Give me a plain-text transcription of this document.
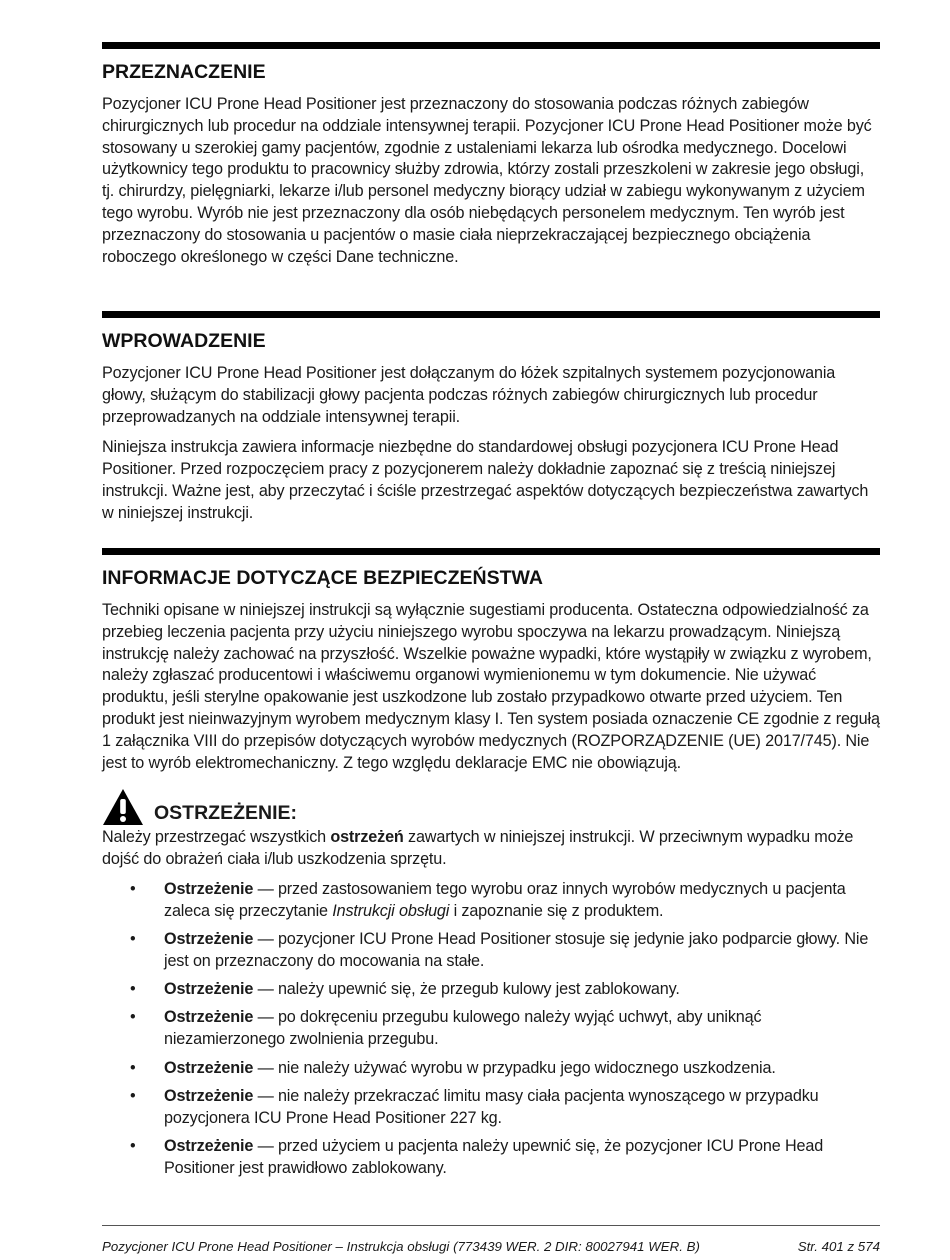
PRZEZNACZENIE

Pozycjoner ICU Prone Head Positioner jest przeznaczony do stosowania podczas różnych zabiegów chirurgicznych lub procedur na oddziale intensywnej terapii. Pozycjoner ICU Prone Head Positioner może być stosowany u szerokiej gamy pacjentów, zgodnie z ustaleniami lekarza lub ośrodka medycznego. Docelowi użytkownicy tego produktu to pracownicy służby zdrowia, którzy zostali przeszkoleni w zakresie jego obsługi, tj. chirurdzy, pielęgniarki, lekarze i/lub personel medyczny biorący udział w zabiegu wykonywanym z użyciem tego wyrobu. Wyrób nie jest przeznaczony dla osób niebędących personelem medycznym. Ten wyrób jest przeznaczony do stosowania u pacjentów o masie ciała nieprzekraczającej bezpiecznego obciążenia roboczego określonego w części Dane techniczne.

WPROWADZENIE

Pozycjoner ICU Prone Head Positioner jest dołączanym do łóżek szpitalnych systemem pozycjonowania głowy, służącym do stabilizacji głowy pacjenta podczas różnych zabiegów chirurgicznych lub procedur przeprowadzanych na oddziale intensywnej terapii.

Niniejsza instrukcja zawiera informacje niezbędne do standardowej obsługi pozycjonera ICU Prone Head Positioner. Przed rozpoczęciem pracy z pozycjonerem należy dokładnie zapoznać się z treścią niniejszej instrukcji. Ważne jest, aby przeczytać i ściśle przestrzegać aspektów dotyczących bezpieczeństwa zawartych w niniejszej instrukcji.

INFORMACJE DOTYCZĄCE BEZPIECZEŃSTWA

Techniki opisane w niniejszej instrukcji są wyłącznie sugestiami producenta. Ostateczna odpowiedzialność za przebieg leczenia pacjenta przy użyciu niniejszego wyrobu spoczywa na lekarzu prowadzącym. Niniejszą instrukcję należy zachować na przyszłość. Wszelkie poważne wypadki, które wystąpiły w związku z wyrobem, należy zgłaszać producentowi i właściwemu organowi wymienionemu w tym dokumencie. Nie używać produktu, jeśli sterylne opakowanie jest uszkodzone lub zostało przypadkowo otwarte przed użyciem. Ten produkt jest nieinwazyjnym wyrobem medycznym klasy I. Ten system posiada oznaczenie CE zgodnie z regułą 1 załącznika VIII do przepisów dotyczących wyrobów medycznych (ROZPORZĄDZENIE (UE) 2017/745). Nie jest to wyrób elektromechaniczny. Z tego względu deklaracje EMC nie obowiązują.

OSTRZEŻENIE:

Należy przestrzegać wszystkich ostrzeżeń zawartych w niniejszej instrukcji. W przeciwnym wypadku może dojść do obrażeń ciała i/lub uszkodzenia sprzętu.

• Ostrzeżenie — przed zastosowaniem tego wyrobu oraz innych wyrobów medycznych u pacjenta zaleca się przeczytanie Instrukcji obsługi i zapoznanie się z produktem.
• Ostrzeżenie — pozycjoner ICU Prone Head Positioner stosuje się jedynie jako podparcie głowy. Nie jest on przeznaczony do mocowania na stałe.
• Ostrzeżenie — należy upewnić się, że przegub kulowy jest zablokowany.
• Ostrzeżenie — po dokręceniu przegubu kulowego należy wyjąć uchwyt, aby uniknąć niezamierzonego zwolnienia przegubu.
• Ostrzeżenie — nie należy używać wyrobu w przypadku jego widocznego uszkodzenia.
• Ostrzeżenie — nie należy przekraczać limitu masy ciała pacjenta wynoszącego w przypadku pozycjonera ICU Prone Head Positioner 227 kg.
• Ostrzeżenie — przed użyciem u pacjenta należy upewnić się, że pozycjoner ICU Prone Head Positioner jest prawidłowo zablokowany.
Pozycjoner ICU Prone Head Positioner – Instrukcja obsługi (773439 WER. 2 DIR: 80027941 WER. B)	Str. 401 z 574
